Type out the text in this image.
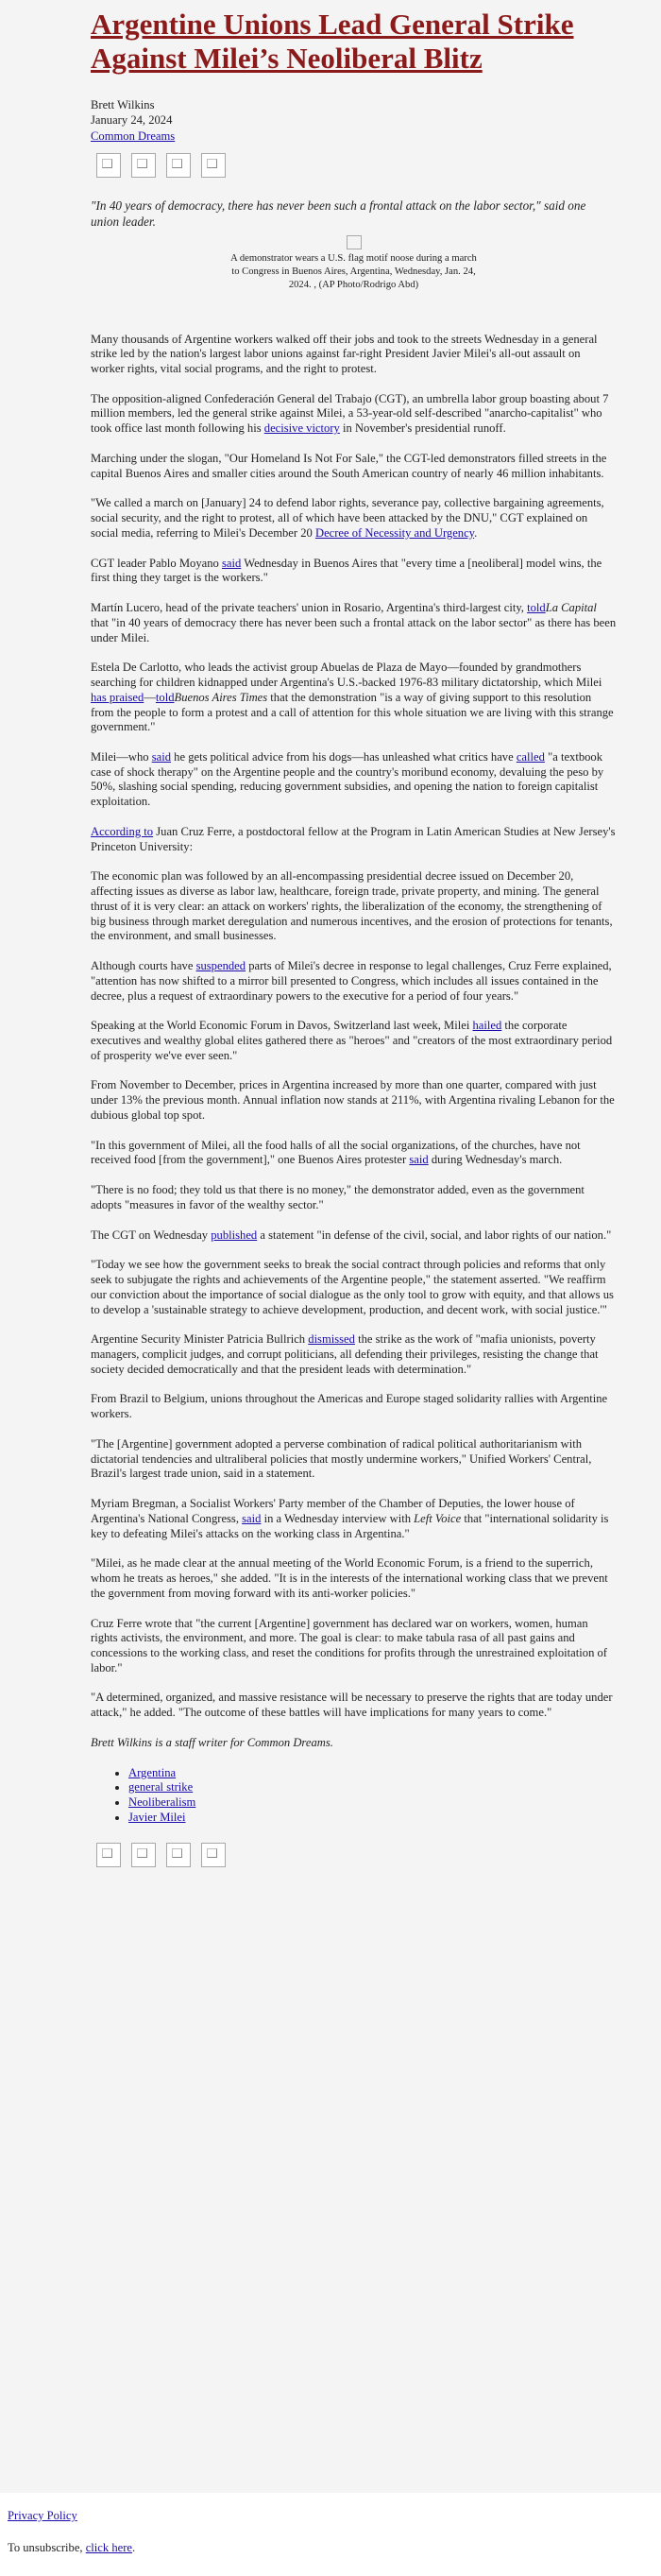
Argentine Unions Lead General Strike Against Milei’s Neoliberal Blitz
Brett Wilkins
January 24, 2024
Common Dreams

"In 40 years of democracy, there has never been such a frontal attack on the labor sector," said one union leader.

A demonstrator wears a U.S. flag motif noose during a march to Congress in Buenos Aires, Argentina, Wednesday, Jan. 24, 2024. , (AP Photo/Rodrigo Abd)

Many thousands of Argentine workers walked off their jobs and took to the streets Wednesday in a general strike led by the nation's largest labor unions against far-right President Javier Milei's all-out assault on worker rights, vital social programs, and the right to protest.

The opposition-aligned Confederación General del Trabajo (CGT), an umbrella labor group boasting about 7 million members, led the general strike against Milei, a 53-year-old self-described "anarcho-capitalist" who took office last month following his decisive victory in November's presidential runoff.

Marching under the slogan, "Our Homeland Is Not For Sale," the CGT-led demonstrators filled streets in the capital Buenos Aires and smaller cities around the South American country of nearly 46 million inhabitants.

"We called a march on [January] 24 to defend labor rights, severance pay, collective bargaining agreements, social security, and the right to protest, all of which have been attacked by the DNU," CGT explained on social media, referring to Milei's December 20 Decree of Necessity and Urgency.

CGT leader Pablo Moyano said Wednesday in Buenos Aires that "every time a [neoliberal] model wins, the first thing they target is the workers."

Martín Lucero, head of the private teachers' union in Rosario, Argentina's third-largest city, toldLa Capital that "in 40 years of democracy there has never been such a frontal attack on the labor sector" as there has been under Milei.

Estela De Carlotto, who leads the activist group Abuelas de Plaza de Mayo—founded by grandmothers searching for children kidnapped under Argentina's U.S.-backed 1976-83 military dictatorship, which Milei has praised—toldBuenos Aires Times that the demonstration "is a way of giving support to this resolution from the people to form a protest and a call of attention for this whole situation we are living with this strange government."

Milei—who said he gets political advice from his dogs—has unleashed what critics have called "a textbook case of shock therapy" on the Argentine people and the country's moribund economy, devaluing the peso by 50%, slashing social spending, reducing government subsidies, and opening the nation to foreign capitalist exploitation.

According to Juan Cruz Ferre, a postdoctoral fellow at the Program in Latin American Studies at New Jersey's Princeton University:

The economic plan was followed by an all-encompassing presidential decree issued on December 20, affecting issues as diverse as labor law, healthcare, foreign trade, private property, and mining. The general thrust of it is very clear: an attack on workers' rights, the liberalization of the economy, the strengthening of big business through market deregulation and numerous incentives, and the erosion of protections for tenants, the environment, and small businesses.

Although courts have suspended parts of Milei's decree in response to legal challenges, Cruz Ferre explained, "attention has now shifted to a mirror bill presented to Congress, which includes all issues contained in the decree, plus a request of extraordinary powers to the executive for a period of four years."

Speaking at the World Economic Forum in Davos, Switzerland last week, Milei hailed the corporate executives and wealthy global elites gathered there as "heroes" and "creators of the most extraordinary period of prosperity we've ever seen."

From November to December, prices in Argentina increased by more than one quarter, compared with just under 13% the previous month. Annual inflation now stands at 211%, with Argentina rivaling Lebanon for the dubious global top spot.

"In this government of Milei, all the food halls of all the social organizations, of the churches, have not received food [from the government]," one Buenos Aires protester said during Wednesday's march.

"There is no food; they told us that there is no money," the demonstrator added, even as the government adopts "measures in favor of the wealthy sector."

The CGT on Wednesday published a statement "in defense of the civil, social, and labor rights of our nation."

"Today we see how the government seeks to break the social contract through policies and reforms that only seek to subjugate the rights and achievements of the Argentine people," the statement asserted. "We reaffirm our conviction about the importance of social dialogue as the only tool to grow with equity, and that allows us to develop a 'sustainable strategy to achieve development, production, and decent work, with social justice.'"

Argentine Security Minister Patricia Bullrich dismissed the strike as the work of "mafia unionists, poverty managers, complicit judges, and corrupt politicians, all defending their privileges, resisting the change that society decided democratically and that the president leads with determination."

From Brazil to Belgium, unions throughout the Americas and Europe staged solidarity rallies with Argentine workers.

"The [Argentine] government adopted a perverse combination of radical political authoritarianism with dictatorial tendencies and ultraliberal policies that mostly undermine workers," Unified Workers' Central, Brazil's largest trade union, said in a statement.

Myriam Bregman, a Socialist Workers' Party member of the Chamber of Deputies, the lower house of Argentina's National Congress, said in a Wednesday interview with Left Voice that "international solidarity is key to defeating Milei's attacks on the working class in Argentina."

"Milei, as he made clear at the annual meeting of the World Economic Forum, is a friend to the superrich, whom he treats as heroes," she added. "It is in the interests of the international working class that we prevent the government from moving forward with its anti-worker policies."

Cruz Ferre wrote that "the current [Argentine] government has declared war on workers, women, human rights activists, the environment, and more. The goal is clear: to make tabula rasa of all past gains and concessions to the working class, and reset the conditions for profits through the unrestrained exploitation of labor."

"A determined, organized, and massive resistance will be necessary to preserve the rights that are today under attack," he added. "The outcome of these battles will have implications for many years to come."

Brett Wilkins is a staff writer for Common Dreams.

• Argentina
• general strike
• Neoliberalism
• Javier Milei
Privacy Policy
To unsubscribe, click here.
